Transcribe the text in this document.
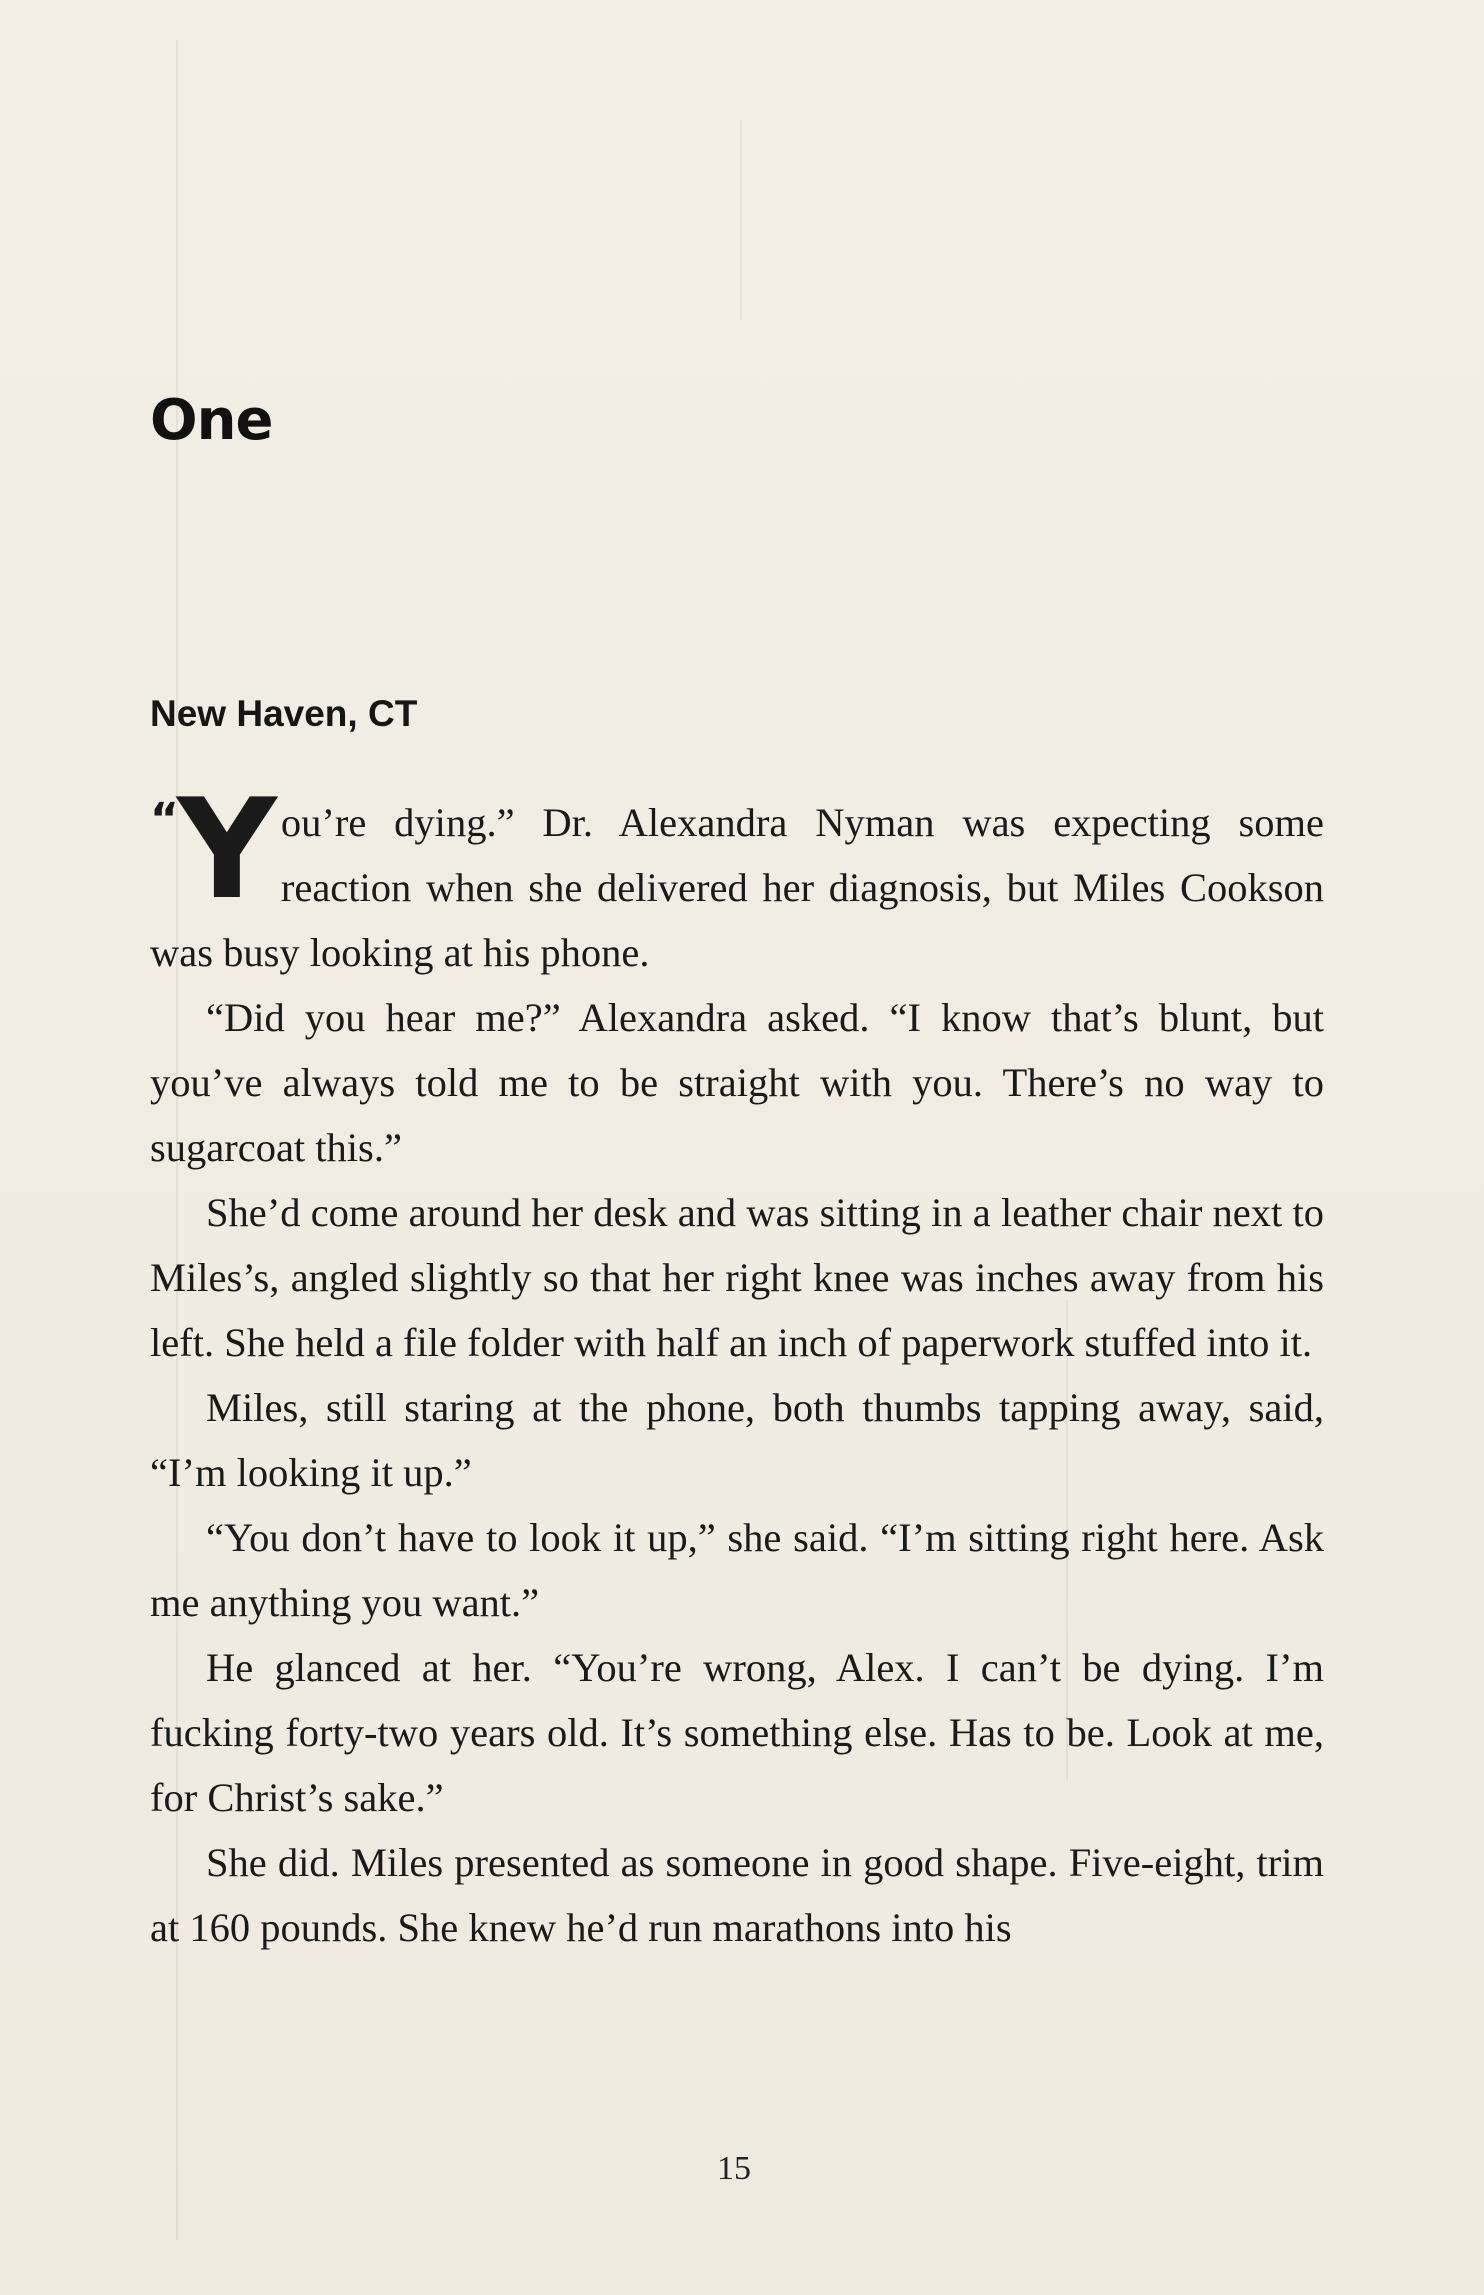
One
New Haven, CT

“
Y ou’re dying.” Dr. Alexandra Nyman was expecting some reaction when she delivered her diagnosis, but Miles Cookson was busy looking at his phone.

“Did you hear me?” Alexandra asked. “I know that’s blunt, but you’ve always told me to be straight with you. There’s no way to sugarcoat this.”

She’d come around her desk and was sitting in a leather chair next to Miles’s, angled slightly so that her right knee was inches away from his left. She held a file folder with half an inch of paperwork stuffed into it.

Miles, still staring at the phone, both thumbs tapping away, said, “I’m looking it up.”

“You don’t have to look it up,” she said. “I’m sitting right here. Ask me anything you want.”

He glanced at her. “You’re wrong, Alex. I can’t be dying. I’m fucking forty-two years old. It’s something else. Has to be. Look at me, for Christ’s sake.”

She did. Miles presented as someone in good shape. Five-eight, trim at 160 pounds. She knew he’d run marathons into his

15
